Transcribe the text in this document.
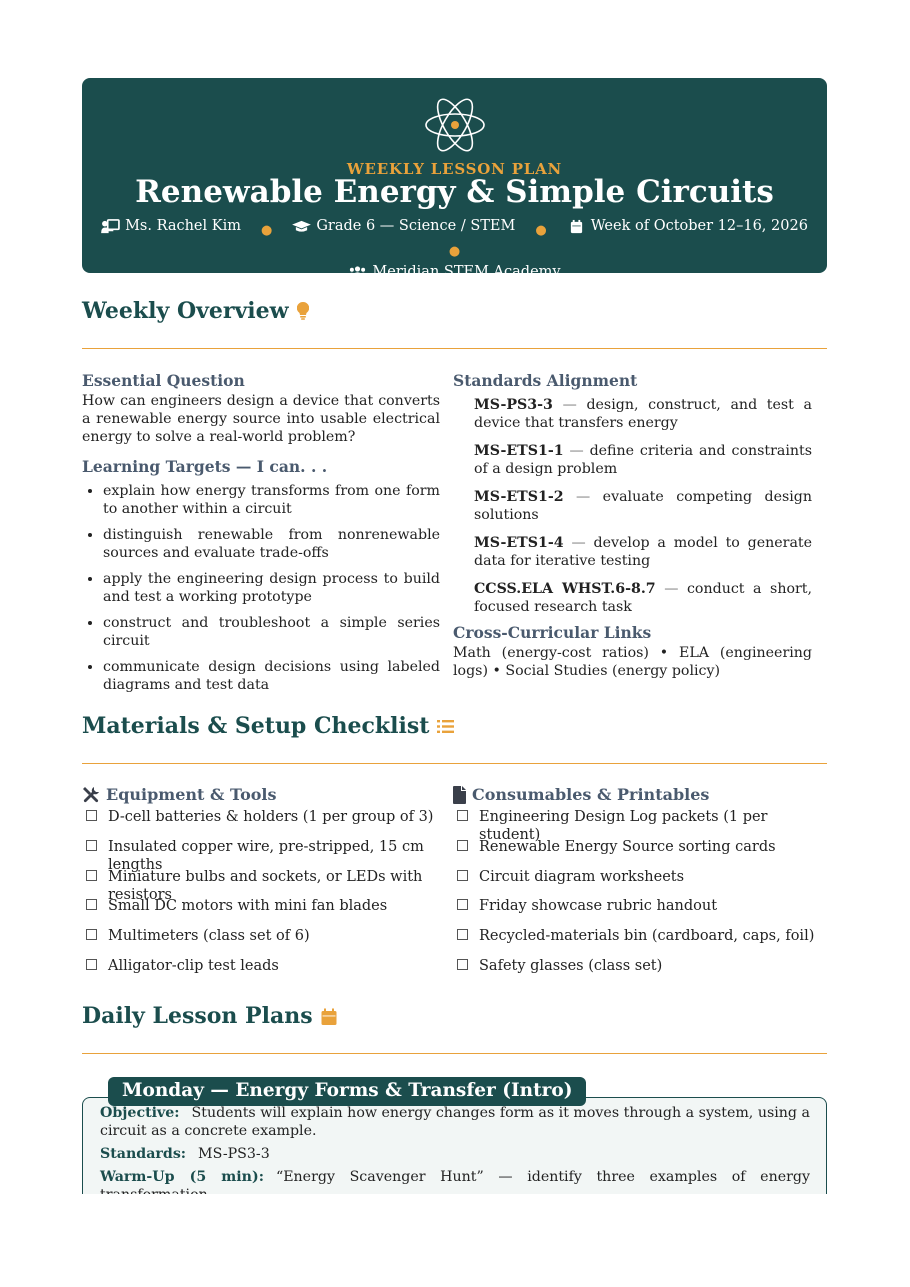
WEEKLY LESSON PLAN
Renewable Energy & Simple Circuits
Ms. Rachel Kim ●	Grade 6 — Science / STEM ●	Week of October 12–16, 2026
●

Meridian STEM Academy
Weekly Overview
Essential Question
How can engineers design a device that converts a renewable energy source into usable electrical energy to solve a real-world problem?
Learning Targets — I can. . .
• explain how energy transforms from one form to another within a circuit
• distinguish renewable from nonrenewable sources and evaluate trade-offs
• apply the engineering design process to build and test a working prototype
• construct and troubleshoot a simple series circuit
• communicate design decisions using labeled diagrams and test data
Standards Alignment
MS-PS3-3 — design, construct, and test a device that transfers energy
MS-ETS1-1 — define criteria and constraints of a design problem
MS-ETS1-2 — evaluate competing design solutions
MS-ETS1-4 — develop a model to generate data for iterative testing
CCSS.ELA WHST.6-8.7 — conduct a short, focused research task
Cross-Curricular Links
Math (energy-cost ratios) • ELA (engineering logs) • Social Studies (energy policy)
Materials & Setup Checklist
Equipment & Tools
D-cell batteries & holders (1 per group of 3)
Insulated copper wire, pre-stripped, 15 cm lengths
Miniature bulbs and sockets, or LEDs with resistors
Small DC motors with mini fan blades
Multimeters (class set of 6)
Alligator-clip test leads
Consumables & Printables
Engineering Design Log packets (1 per student)
Renewable Energy Source sorting cards
Circuit diagram worksheets
Friday showcase rubric handout
Recycled-materials bin (cardboard, caps, foil)
Safety glasses (class set)
Daily Lesson Plans
Monday — Energy Forms & Transfer (Intro)
Objective: Students will explain how energy changes form as it moves through a system, using a circuit as a concrete example.
Standards: MS-PS3-3
Warm-Up (5 min): “Energy Scavenger Hunt” — identify three examples of energy
